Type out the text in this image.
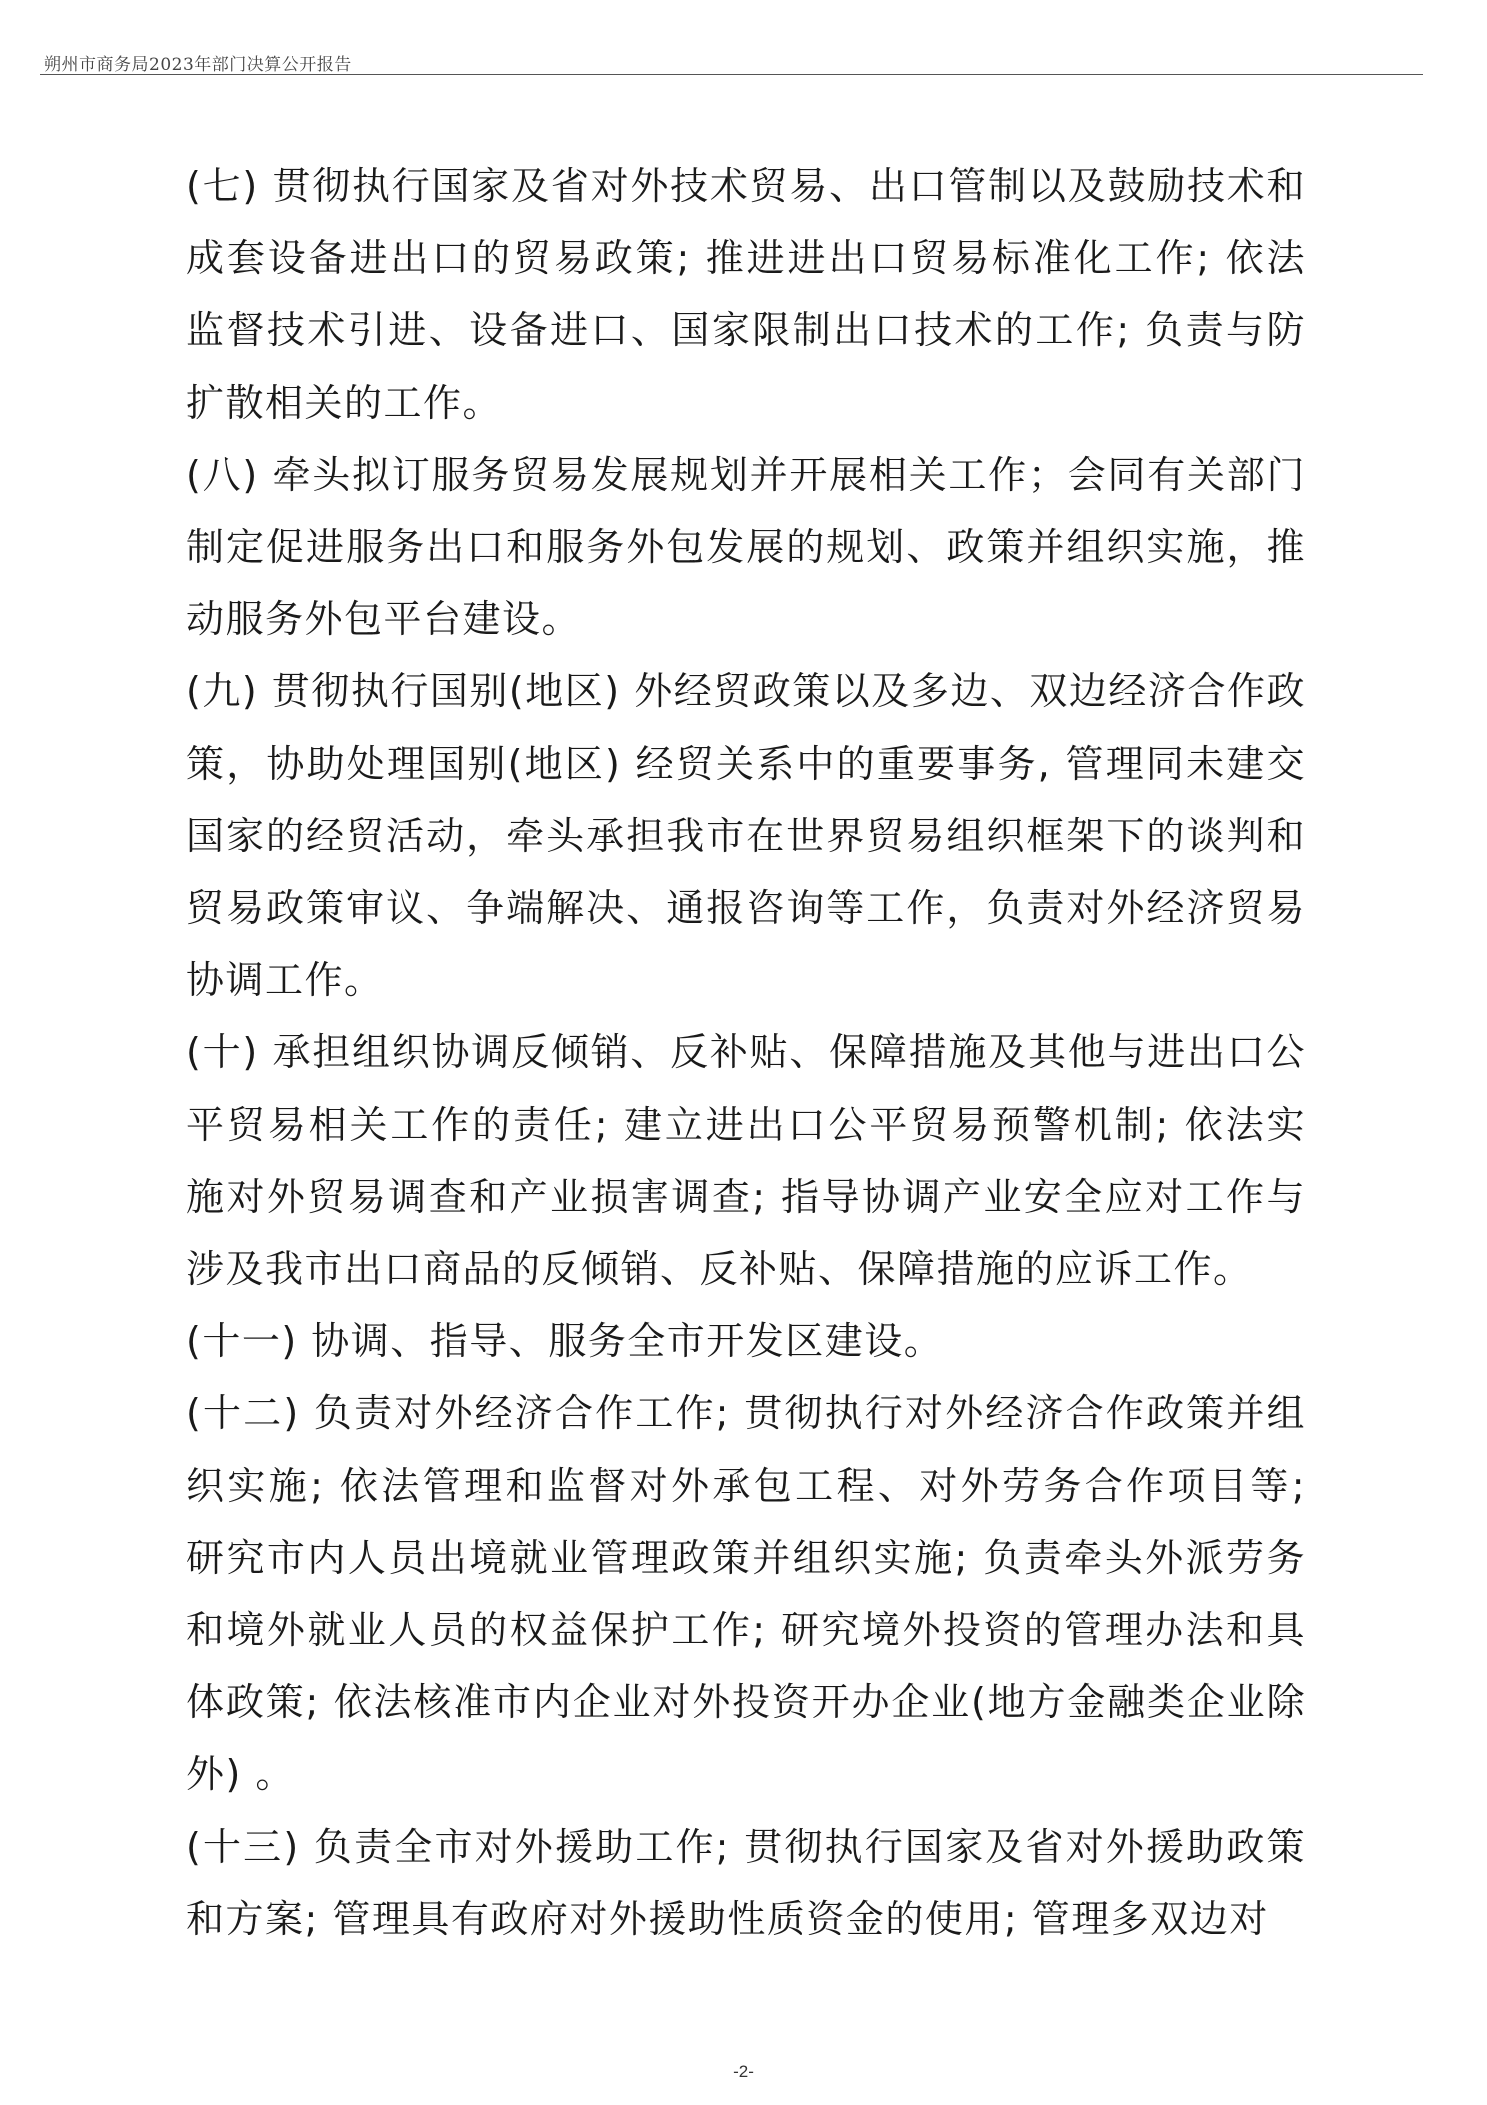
朔州市商务局2023年部门决算公开报告

(七) 贯彻执行国家及省对外技术贸易、出口管制以及鼓励技术和成套设备进出口的贸易政策; 推进进出口贸易标准化工作; 依法监督技术引进、设备进口、国家限制出口技术的工作; 负责与防扩散相关的工作。

(八) 牵头拟订服务贸易发展规划并开展相关工作；会同有关部门制定促进服务出口和服务外包发展的规划、政策并组织实施，推动服务外包平台建设。

(九) 贯彻执行国别(地区) 外经贸政策以及多边、双边经济合作政策，协助处理国别(地区) 经贸关系中的重要事务, 管理同未建交国家的经贸活动，牵头承担我市在世界贸易组织框架下的谈判和贸易政策审议、争端解决、通报咨询等工作，负责对外经济贸易协调工作。

(十) 承担组织协调反倾销、反补贴、保障措施及其他与进出口公平贸易相关工作的责任; 建立进出口公平贸易预警机制; 依法实施对外贸易调查和产业损害调查; 指导协调产业安全应对工作与涉及我市出口商品的反倾销、反补贴、保障措施的应诉工作。

(十一) 协调、指导、服务全市开发区建设。

(十二) 负责对外经济合作工作; 贯彻执行对外经济合作政策并组织实施; 依法管理和监督对外承包工程、对外劳务合作项目等; 研究市内人员出境就业管理政策并组织实施; 负责牵头外派劳务和境外就业人员的权益保护工作; 研究境外投资的管理办法和具体政策; 依法核准市内企业对外投资开办企业(地方金融类企业除外) 。

(十三) 负责全市对外援助工作; 贯彻执行国家及省对外援助政策和方案; 管理具有政府对外援助性质资金的使用; 管理多双边对

-2-
